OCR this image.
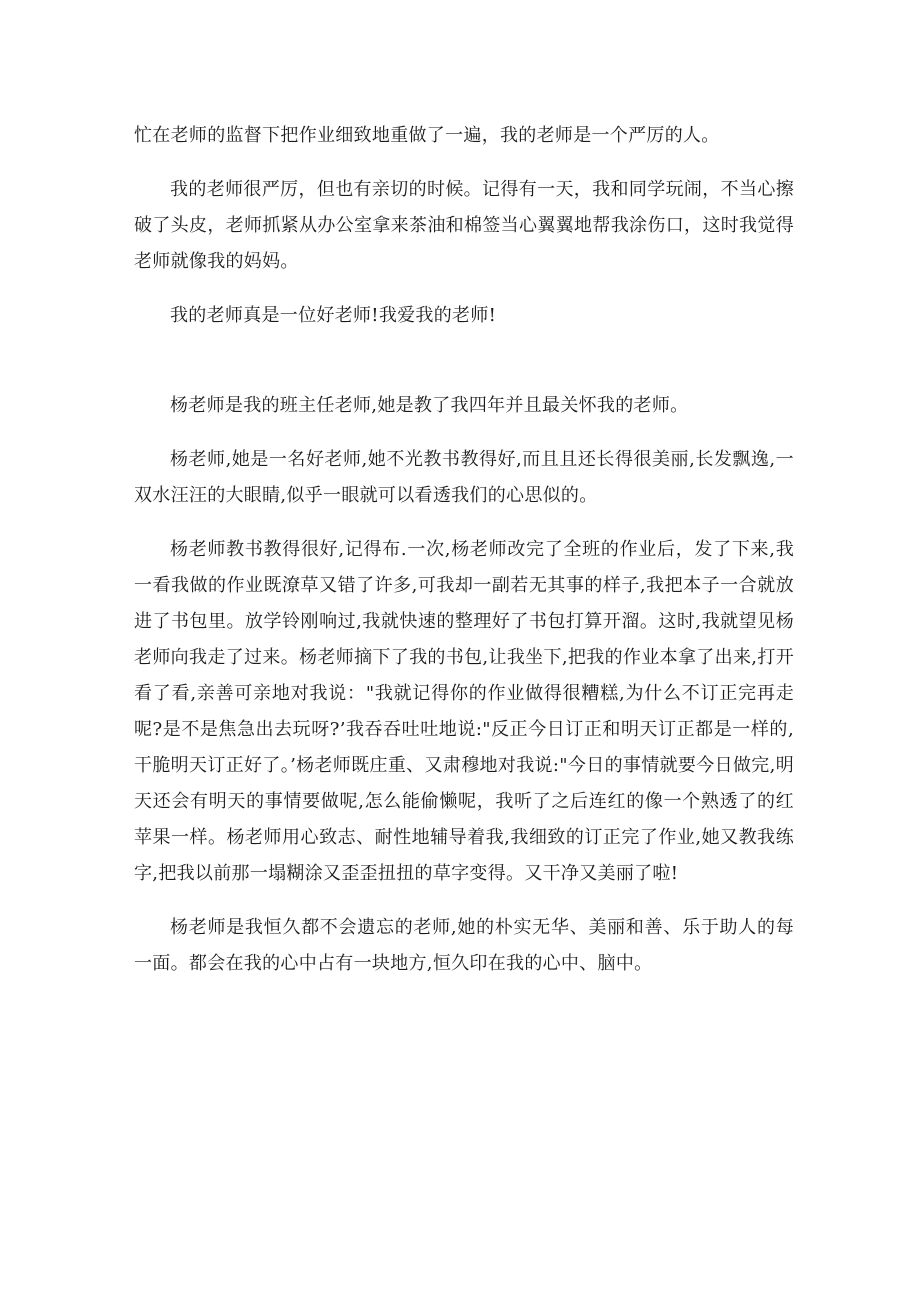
忙在老师的监督下把作业细致地重做了一遍，我的老师是一个严厉的人。

我的老师很严厉，但也有亲切的时候。记得有一天，我和同学玩闹，不当心擦破了头皮，老师抓紧从办公室拿来茶油和棉签当心翼翼地帮我涂伤口，这时我觉得老师就像我的妈妈。

我的老师真是一位好老师!我爱我的老师!

杨老师是我的班主任老师,她是教了我四年并且最关怀我的老师。

杨老师,她是一名好老师,她不光教书教得好,而且且还长得很美丽,长发飘逸,一双水汪汪的大眼睛,似乎一眼就可以看透我们的心思似的。

杨老师教书教得很好,记得布.一次,杨老师改完了全班的作业后，发了下来,我一看我做的作业既潦草又错了许多,可我却一副若无其事的样子,我把本子一合就放进了书包里。放学铃刚响过,我就快速的整理好了书包打算开溜。这时,我就望见杨老师向我走了过来。杨老师摘下了我的书包,让我坐下,把我的作业本拿了出来,打开看了看,亲善可亲地对我说："我就记得你的作业做得很糟糕,为什么不订正完再走呢?是不是焦急出去玩呀?’我吞吞吐吐地说:"反正今日订正和明天订正都是一样的,干脆明天订正好了。’杨老师既庄重、又肃穆地对我说:"今日的事情就要今日做完,明天还会有明天的事情要做呢,怎么能偷懒呢，我听了之后连红的像一个熟透了的红苹果一样。杨老师用心致志、耐性地辅导着我,我细致的订正完了作业,她又教我练字,把我以前那一塌糊涂又歪歪扭扭的草字变得。又干净又美丽了啦!

杨老师是我恒久都不会遗忘的老师,她的朴实无华、美丽和善、乐于助人的每一面。都会在我的心中占有一块地方,恒久印在我的心中、脑中。
